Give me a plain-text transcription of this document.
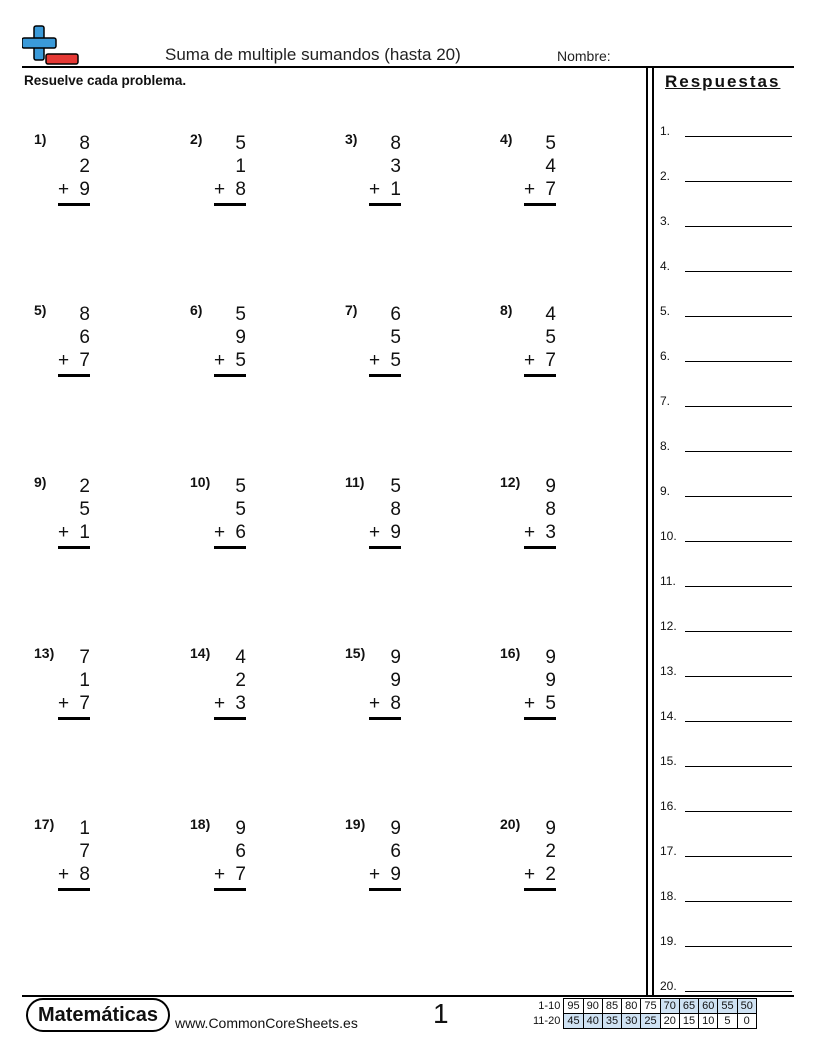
Suma de multiple sumandos (hasta 20)	Nombre:
Resuelve cada problema.
1)	8
2
+ 9
2)	5
1
+ 8
3)	8
3
+ 1
4)	5
4
+ 7
5)	8
6
+ 7
6)	5
9
+ 5
7)	6
5
+ 5
8)	4
5
+ 7
9)	2
5
+ 1
10)	5
5
+ 6
11)	5
8
+ 9
12)	9
8
+ 3
13)	7
1
+ 7
14)	4
2
+ 3
15)	9
9
+ 8
16)	9
9
+ 5
17)	1
7
+ 8
18)	9
6
+ 7
19)	9
6
+ 9
20)	9
2
+ 2
Respuestas
1.
2.
3.
4.
5.
6.
7.
8.
9.
10.
11.
12.
13.
14.
15.
16.
17.
18.
19.
20.
Matemáticas	www.CommonCoreSheets.es	1	1-10	95	90	85	80	75	70	65	60	55	50
11-20	45	40	35	30	25	20	15	10	5	0
